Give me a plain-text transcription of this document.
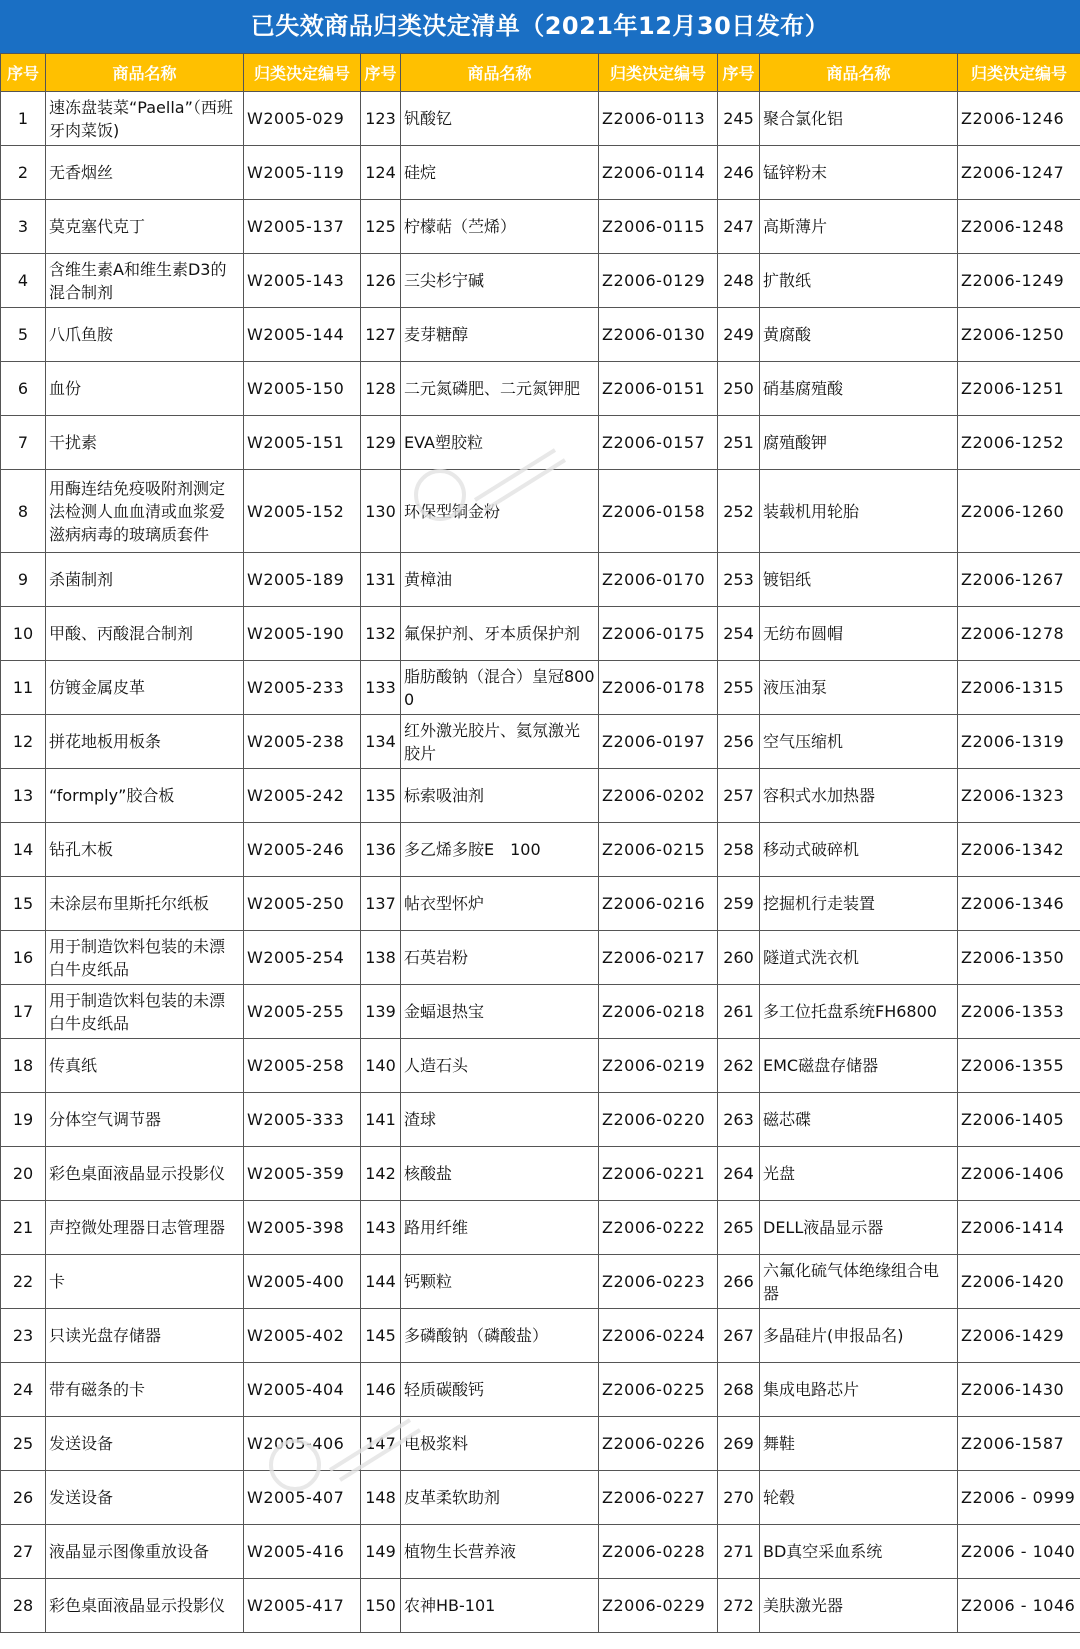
已失效商品归类决定清单（2021年12月30日发布）
序号	商品名称	归类决定编号	序号	商品名称	归类决定编号	序号	商品名称	归类决定编号
1	速冻盘装菜“Paella”（西班牙肉菜饭)	W2005-029	123	钒酸钇	Z2006-0113	245	聚合氯化铝	Z2006-1246
2	无香烟丝	W2005-119	124	硅烷	Z2006-0114	246	锰锌粉末	Z2006-1247
3	莫克塞代克丁	W2005-137	125	柠檬萜（苎烯）	Z2006-0115	247	高斯薄片	Z2006-1248
4	含维生素A和维生素D3的混合制剂	W2005-143	126	三尖杉宁碱	Z2006-0129	248	扩散纸	Z2006-1249
5	八爪鱼胺	W2005-144	127	麦芽糖醇	Z2006-0130	249	黄腐酸	Z2006-1250
6	血份	W2005-150	128	二元氮磷肥、二元氮钾肥	Z2006-0151	250	硝基腐殖酸	Z2006-1251
7	干扰素	W2005-151	129	EVA塑胶粒	Z2006-0157	251	腐殖酸钾	Z2006-1252
8	用酶连结免疫吸附剂测定法检测人血血清或血浆爱滋病病毒的玻璃质套件	W2005-152	130	环保型铜金粉	Z2006-0158	252	装载机用轮胎	Z2006-1260
9	杀菌制剂	W2005-189	131	黄樟油	Z2006-0170	253	镀铝纸	Z2006-1267
10	甲酸、丙酸混合制剂	W2005-190	132	氟保护剂、牙本质保护剂	Z2006-0175	254	无纺布圆帽	Z2006-1278
11	仿镀金属皮革	W2005-233	133	脂肪酸钠（混合）皇冠8000	Z2006-0178	255	液压油泵	Z2006-1315
12	拼花地板用板条	W2005-238	134	红外激光胶片、氦氖激光胶片	Z2006-0197	256	空气压缩机	Z2006-1319
13	“formply”胶合板	W2005-242	135	标索吸油剂	Z2006-0202	257	容积式水加热器	Z2006-1323
14	钻孔木板	W2005-246	136	多乙烯多胺E　100	Z2006-0215	258	移动式破碎机	Z2006-1342
15	未涂层布里斯托尔纸板	W2005-250	137	帖衣型怀炉	Z2006-0216	259	挖掘机行走装置	Z2006-1346
16	用于制造饮料包装的未漂白牛皮纸品	W2005-254	138	石英岩粉	Z2006-0217	260	隧道式洗衣机	Z2006-1350
17	用于制造饮料包装的未漂白牛皮纸品	W2005-255	139	金蝠退热宝	Z2006-0218	261	多工位托盘系统FH6800	Z2006-1353
18	传真纸	W2005-258	140	人造石头	Z2006-0219	262	EMC磁盘存储器	Z2006-1355
19	分体空气调节器	W2005-333	141	渣球	Z2006-0220	263	磁芯碟	Z2006-1405
20	彩色桌面液晶显示投影仪	W2005-359	142	核酸盐	Z2006-0221	264	光盘	Z2006-1406
21	声控微处理器日志管理器	W2005-398	143	路用纤维	Z2006-0222	265	DELL液晶显示器	Z2006-1414
22	卡	W2005-400	144	钙颗粒	Z2006-0223	266	六氟化硫气体绝缘组合电器	Z2006-1420
23	只读光盘存储器	W2005-402	145	多磷酸钠（磷酸盐）	Z2006-0224	267	多晶硅片(申报品名)	Z2006-1429
24	带有磁条的卡	W2005-404	146	轻质碳酸钙	Z2006-0225	268	集成电路芯片	Z2006-1430
25	发送设备	W2005-406	147	电极浆料	Z2006-0226	269	舞鞋	Z2006-1587
26	发送设备	W2005-407	148	皮革柔软助剂	Z2006-0227	270	轮毂	Z2006 - 0999
27	液晶显示图像重放设备	W2005-416	149	植物生长营养液	Z2006-0228	271	BD真空采血系统	Z2006 - 1040
28	彩色桌面液晶显示投影仪	W2005-417	150	农神HB-101	Z2006-0229	272	美肤激光器	Z2006 - 1046
